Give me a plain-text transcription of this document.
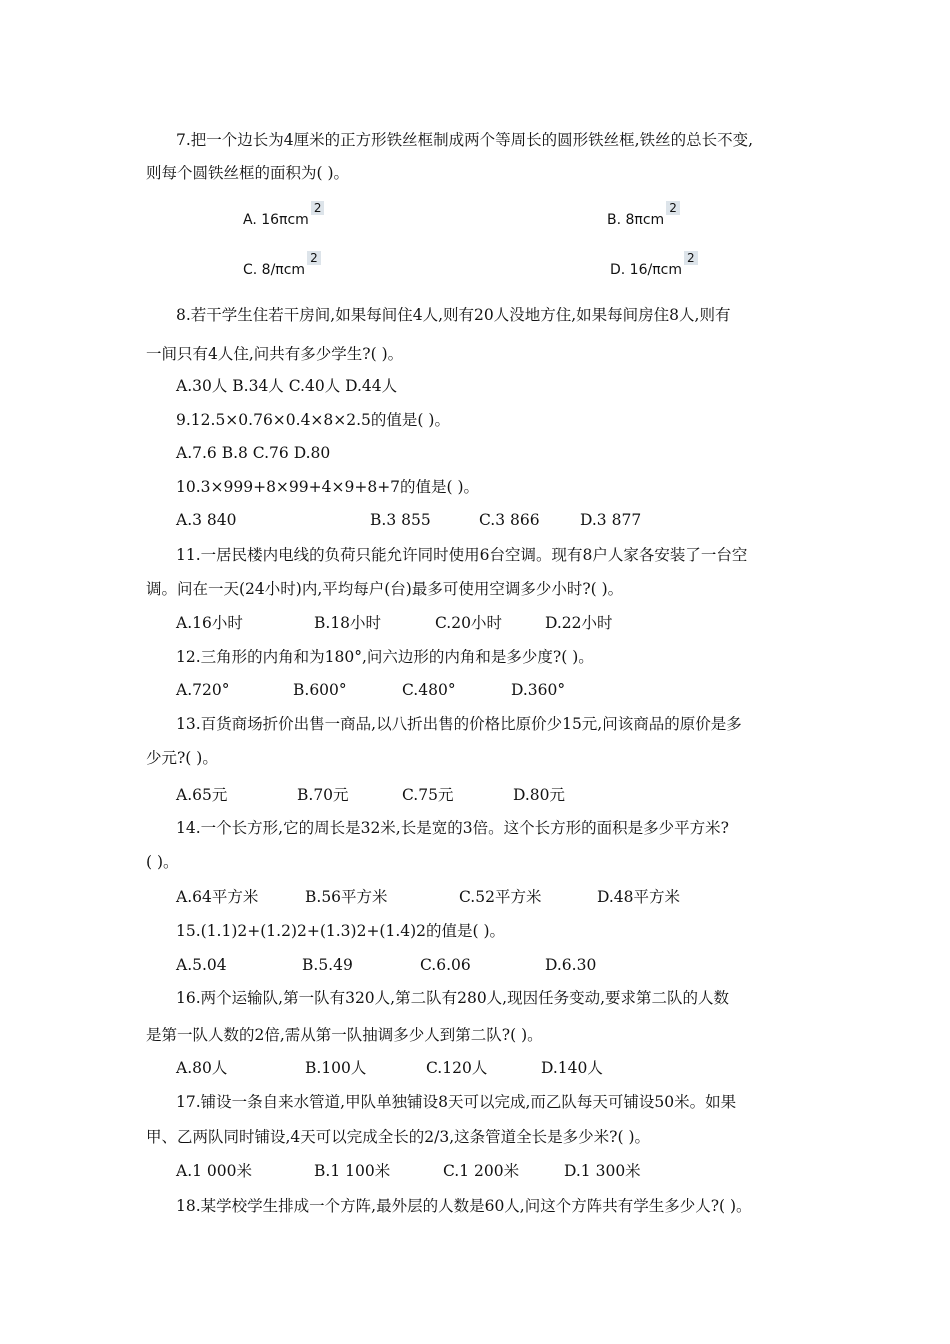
7.把一个边长为4厘米的正方形铁丝框制成两个等周长的圆形铁丝框,铁丝的总长不变,
则每个圆铁丝框的面积为( )。
A. 16πcm2
B. 8πcm2
C. 8/πcm2
D. 16/πcm2
8.若干学生住若干房间,如果每间住4人,则有20人没地方住,如果每间房住8人,则有
一间只有4人住,问共有多少学生?( )。
A.30人 B.34人 C.40人 D.44人
9.12.5×0.76×0.4×8×2.5的值是( )。
A.7.6 B.8 C.76 D.80
10.3×999+8×99+4×9+8+7的值是( )。
A.3 840	B.3 855	C.3 866	D.3 877
11.一居民楼内电线的负荷只能允许同时使用6台空调。现有8户人家各安装了一台空
调。问在一天(24小时)内,平均每户(台)最多可使用空调多少小时?( )。
A.16小时	B.18小时	C.20小时	D.22小时
12.三角形的内角和为180°,问六边形的内角和是多少度?( )。
A.720°	B.600°	C.480°	D.360°
13.百货商场折价出售一商品,以八折出售的价格比原价少15元,问该商品的原价是多
少元?( )。
A.65元	B.70元	C.75元	D.80元
14.一个长方形,它的周长是32米,长是宽的3倍。这个长方形的面积是多少平方米?
( )。
A.64平方米	B.56平方米	C.52平方米	D.48平方米
15.(1.1)2+(1.2)2+(1.3)2+(1.4)2的值是( )。
A.5.04	B.5.49	C.6.06	D.6.30
16.两个运输队,第一队有320人,第二队有280人,现因任务变动,要求第二队的人数
是第一队人数的2倍,需从第一队抽调多少人到第二队?( )。
A.80人	B.100人	C.120人	D.140人
17.铺设一条自来水管道,甲队单独铺设8天可以完成,而乙队每天可铺设50米。如果
甲、乙两队同时铺设,4天可以完成全长的2/3,这条管道全长是多少米?( )。
A.1 000米	B.1 100米	C.1 200米	D.1 300米
18.某学校学生排成一个方阵,最外层的人数是60人,问这个方阵共有学生多少人?( )。
